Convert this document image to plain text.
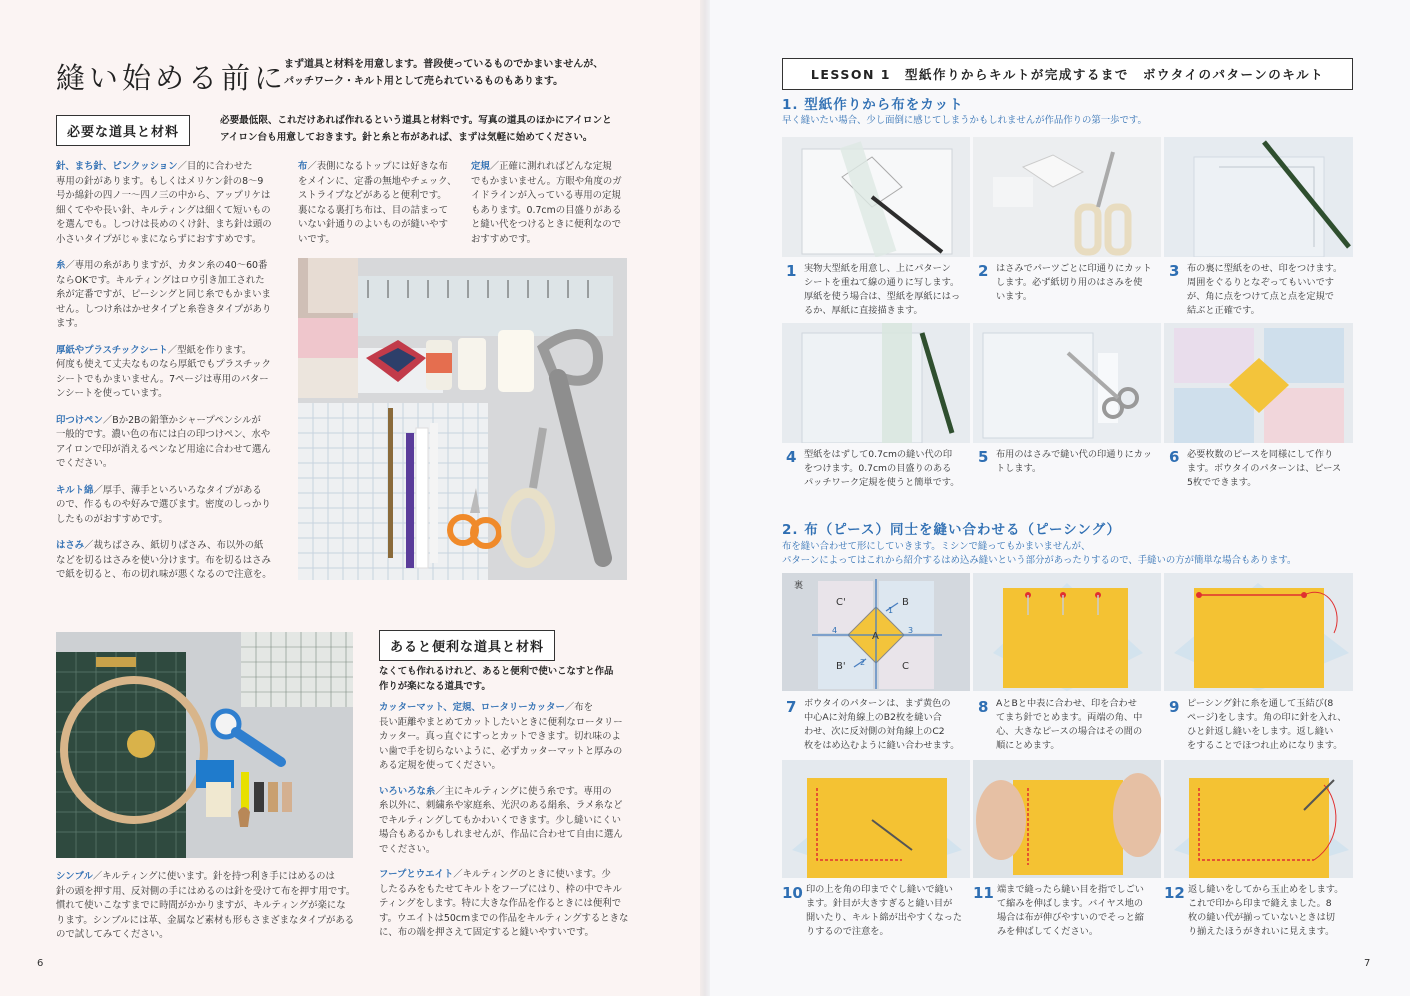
縫い始める前に
まず道具と材料を用意します。普段使っているものでかまいませんが、
パッチワーク・キルト用として売られているものもあります。
必要な道具と材料
必要最低限、これだけあれば作れるという道具と材料です。写真の道具のほかにアイロンと
アイロン台も用意しておきます。針と糸と布があれば、まずは気軽に始めてください。
針、まち針、ピンクッション／目的に合わせた
専用の針があります。もしくはメリケン針の8〜9
号か綿針の四ノ一〜四ノ三の中から、アップリケは
細くてやや長い針、キルティングは細くて短いもの
を選んでも。しつけは長めのくけ針、まち針は頭の
小さいタイプがじゃまにならずにおすすめです。
糸／専用の糸がありますが、カタン糸の40〜60番
ならOKです。キルティングはロウ引き加工された
糸が定番ですが、ピーシングと同じ糸でもかまいま
せん。しつけ糸はかせタイプと糸巻きタイプがあり
ます。
厚紙やプラスチックシート／型紙を作ります。
何度も使えて丈夫なものなら厚紙でもプラスチック
シートでもかまいません。7ページは専用のパター
ンシートを使っています。
印つけペン／Bか2Bの鉛筆かシャープペンシルが
一般的です。濃い色の布には白の印つけペン、水や
アイロンで印が消えるペンなど用途に合わせて選ん
でください。
キルト綿／厚手、薄手といろいろなタイプがある
ので、作るものや好みで選びます。密度のしっかり
したものがおすすめです。
はさみ／裁ちばさみ、紙切りばさみ、布以外の紙
などを切るはさみを使い分けます。布を切るはさみ
で紙を切ると、布の切れ味が悪くなるので注意を。
布／表側になるトップには好きな布
をメインに、定番の無地やチェック、
ストライプなどがあると便利です。
裏になる裏打ち布は、目の詰まって
いない針通りのよいものが縫いやす
いです。
定規／正確に測れればどんな定規
でもかまいません。方眼や角度のガ
イドラインが入っている専用の定規
もあります。0.7cmの目盛りがある
と縫い代をつけるときに便利なので
おすすめです。
あると便利な道具と材料
なくても作れるけれど、あると便利で使いこなすと作品
作りが楽になる道具です。
カッターマット、定規、ロータリーカッター／布を
長い距離やまとめてカットしたいときに便利なロータリー
カッター。真っ直ぐにすっとカットできます。切れ味のよ
い歯で手を切らないように、必ずカッターマットと厚みの
ある定規を使ってください。
いろいろな糸／主にキルティングに使う糸です。専用の
糸以外に、刺繍糸や家庭糸、光沢のある絹糸、ラメ糸など
でキルティングしてもかわいくできます。少し縫いにくい
場合もあるかもしれませんが、作品に合わせて自由に選ん
でください。
フープとウエイト／キルティングのときに使います。少
したるみをもたせてキルトをフープにはり、枠の中でキル
ティングをします。特に大きな作品を作るときには便利で
す。ウエイトは50cmまでの作品をキルティングするときな
に、布の端を押さえて固定すると縫いやすいです。
シンブル／キルティングに使います。針を持つ利き手にはめるのは
針の頭を押す用、反対側の手にはめるのは針を受けて布を押す用です。
慣れて使いこなすまでに時間がかかりますが、キルティングが楽にな
ります。シンブルには革、金属など素材も形もさまざまなタイプがある
ので試してみてください。
6
LESSON 1　型紙作りからキルトが完成するまで　ボウタイのパターンのキルト
1. 型紙作りから布をカット
早く縫いたい場合、少し面倒に感じてしまうかもしれませんが作品作りの第一歩です。
1 実物大型紙を用意し、上にパターン
シートを重ねて線の通りに写します。
厚紙を使う場合は、型紙を厚紙にはっ
るか、厚紙に直接描きます。
2 はさみでパーツごとに印通りにカット
します。必ず紙切り用のはさみを使
います。
3 布の裏に型紙をのせ、印をつけます。
周囲をぐるりとなぞってもいいです
が、角に点をつけて点と点を定規で
結ぶと正確です。
4 型紙をはずして0.7cmの縫い代の印
をつけます。0.7cmの目盛りのある
パッチワーク定規を使うと簡単です。
5 布用のはさみで縫い代の印通りにカッ
トします。
6 必要枚数のピースを同様にして作り
ます。ボウタイのパターンは、ピース
5枚でできます。
2. 布（ピース）同士を縫い合わせる（ピーシング）
布を縫い合わせて形にしていきます。ミシンで縫ってもかまいませんが、
パターンによってはこれから紹介するはめ込み縫いという部分があったりするので、手縫いの方が簡単な場合もあります。
裏
C'	B
A
B'	C
1
2
3
4
7 ボウタイのパターンは、まず黄色の
中心Aに対角線上のB2枚を縫い合
わせ、次に反対側の対角線上のC2
枚をはめ込むように縫い合わせます。
8 AとBと中表に合わせ、印を合わせ
てまち針でとめます。両端の角、中
心、大きなピースの場合はその間の
順にとめます。
9 ピーシング針に糸を通して玉結び(8
ページ)をします。角の印に針を入れ、
ひと針返し縫いをします。返し縫い
をすることでほつれ止めになります。
10 印の上を角の印までぐし縫いで縫い
ます。針目が大きすぎると縫い目が
開いたり、キルト綿が出やすくなった
りするので注意を。
11 端まで縫ったら縫い目を指でしごい
て縮みを伸ばします。バイヤス地の
場合は布が伸びやすいのでそっと縮
みを伸ばしてください。
12 返し縫いをしてから玉止めをします。
これで印から印まで縫えました。8
枚の縫い代が揃っていないときは切
り揃えたほうがきれいに見えます。
7
